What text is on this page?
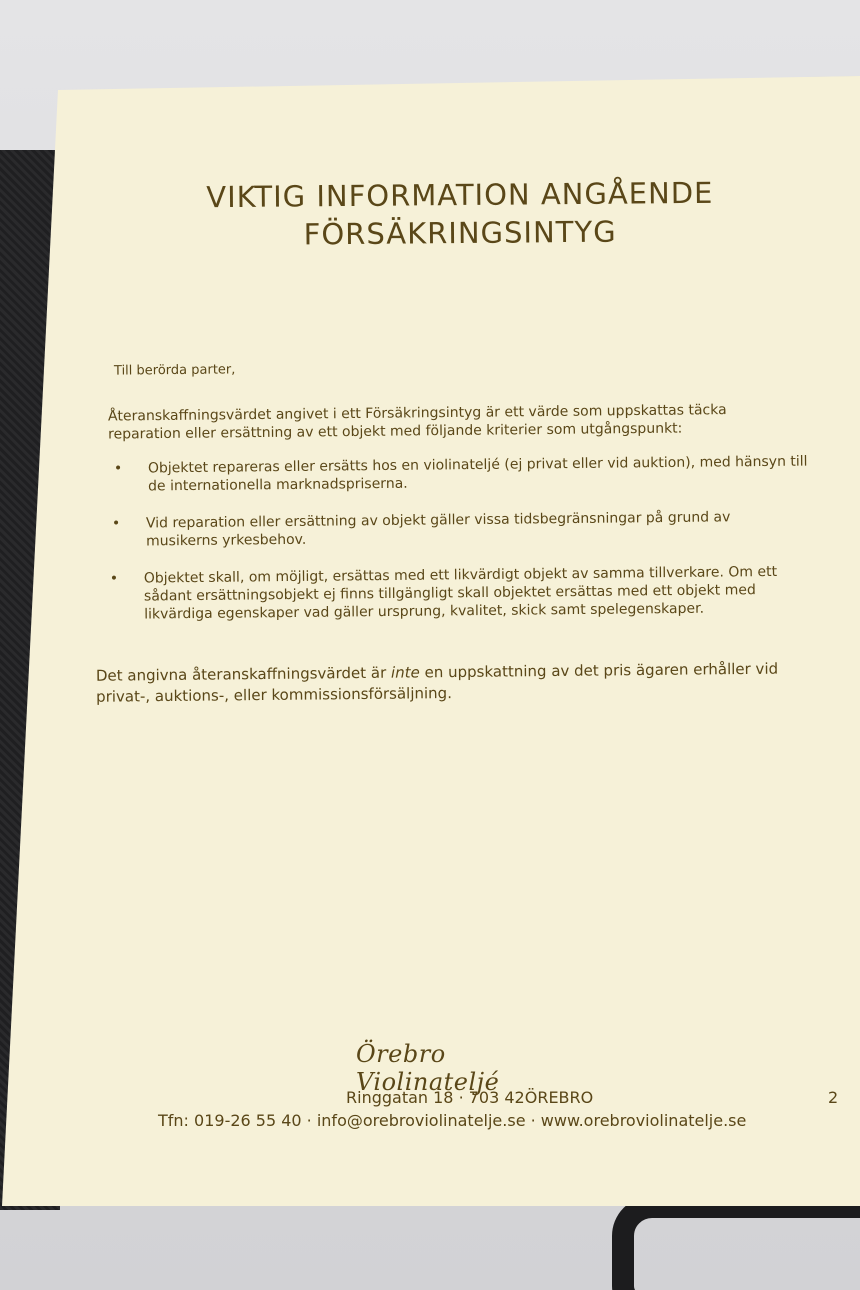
VIKTIG INFORMATION ANGÅENDE
FÖRSÄKRINGSINTYG
Till berörda parter,
Återanskaffningsvärdet angivet i ett Försäkringsintyg är ett värde som uppskattas täcka reparation eller ersättning av ett objekt med följande kriterier som utgångspunkt:
• Objektet repareras eller ersätts hos en violinateljé (ej privat eller vid auktion), med hänsyn till de internationella marknadspriserna.
• Vid reparation eller ersättning av objekt gäller vissa tidsbegränsningar på grund av musikerns yrkesbehov.
• Objektet skall, om möjligt, ersättas med ett likvärdigt objekt av samma tillverkare. Om ett sådant ersättningsobjekt ej finns tillgängligt skall objektet ersättas med ett objekt med likvärdiga egenskaper vad gäller ursprung, kvalitet, skick samt spelegenskaper.
Det angivna återanskaffningsvärdet är inte en uppskattning av det pris ägaren erhåller vid privat-, auktions-, eller kommissionsförsäljning.
Örebro Violinateljé
Ringgatan 18 · 703 42ÖREBRO
Tfn: 019-26 55 40 · info@orebroviolinatelje.se · www.orebroviolinatelje.se
2
